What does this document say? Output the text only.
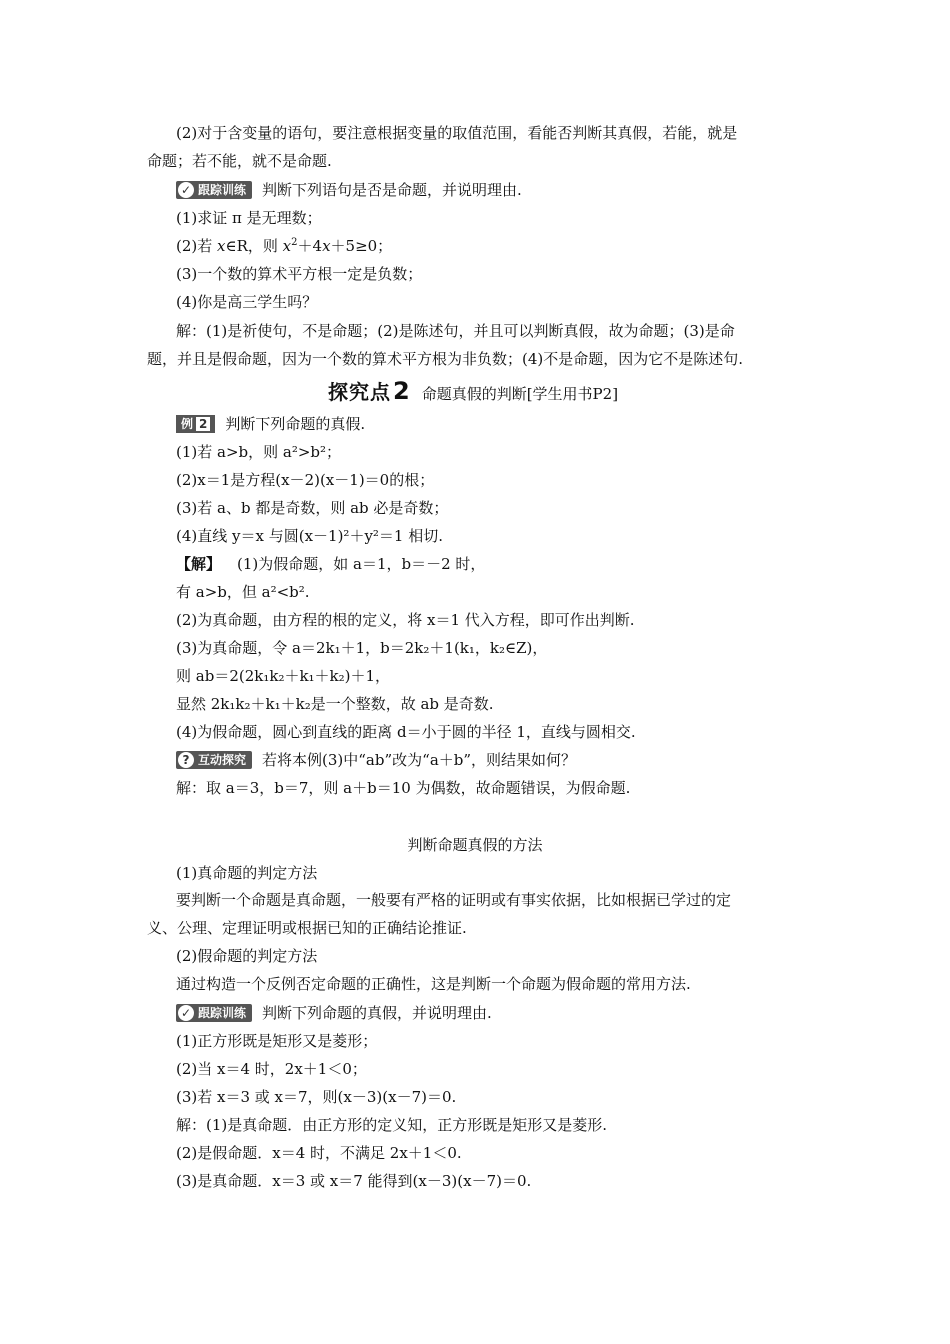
(2)对于含变量的语句，要注意根据变量的取值范围，看能否判断其真假，若能，就是
命题；若不能，就不是命题.
✓ 跟踪训练 判断下列语句是否是命题，并说明理由.
(1)求证 π 是无理数；
(2)若 x∈R，则 $x^2+4x+5\ge 0$；
(3)一个数的算术平方根一定是负数；
(4)你是高三学生吗？
解：(1)是祈使句，不是命题；(2)是陈述句，并且可以判断真假，故为命题；(3)是命
题，并且是假命题，因为一个数的算术平方根为非负数；(4)不是命题，因为它不是陈述句.
探究点2 命题真假的判断[学生用书P2]
例 2 判断下列命题的真假.
(1)若 a>b，则 a²>b²；
(2)x＝1是方程(x－2)(x－1)＝0的根；
(3)若 a、b 都是奇数，则 ab 必是奇数；
(4)直线 y＝x 与圆(x－1)²＋y²＝1 相切.
【解】 (1)为假命题，如 a＝1，b＝－2 时，
有 a>b，但 a²<b².
(2)为真命题，由方程的根的定义，将 x＝1 代入方程，即可作出判断.
(3)为真命题，令 a＝2k₁＋1，b＝2k₂＋1(k₁，k₂∈Z)，
则 ab＝2(2k₁k₂＋k₁＋k₂)＋1，
显然 2k₁k₂＋k₁＋k₂是一个整数，故 ab 是奇数.
(4)为假命题，圆心到直线的距离 d＝小于圆的半径 1，直线与圆相交.
? 互动探究 若将本例(3)中“ab”改为“a＋b”，则结果如何？
解：取 a＝3，b＝7，则 a＋b＝10 为偶数，故命题错误，为假命题.
判断命题真假的方法
(1)真命题的判定方法
要判断一个命题是真命题，一般要有严格的证明或有事实依据，比如根据已学过的定
义、公理、定理证明或根据已知的正确结论推证.
(2)假命题的判定方法
通过构造一个反例否定命题的正确性，这是判断一个命题为假命题的常用方法.
✓ 跟踪训练 判断下列命题的真假，并说明理由.
(1)正方形既是矩形又是菱形；
(2)当 x＝4 时，2x＋1＜0；
(3)若 x＝3 或 x＝7，则(x－3)(x－7)＝0.
解：(1)是真命题．由正方形的定义知，正方形既是矩形又是菱形.
(2)是假命题．x＝4 时，不满足 2x＋1＜0.
(3)是真命题．x＝3 或 x＝7 能得到(x－3)(x－7)＝0.
